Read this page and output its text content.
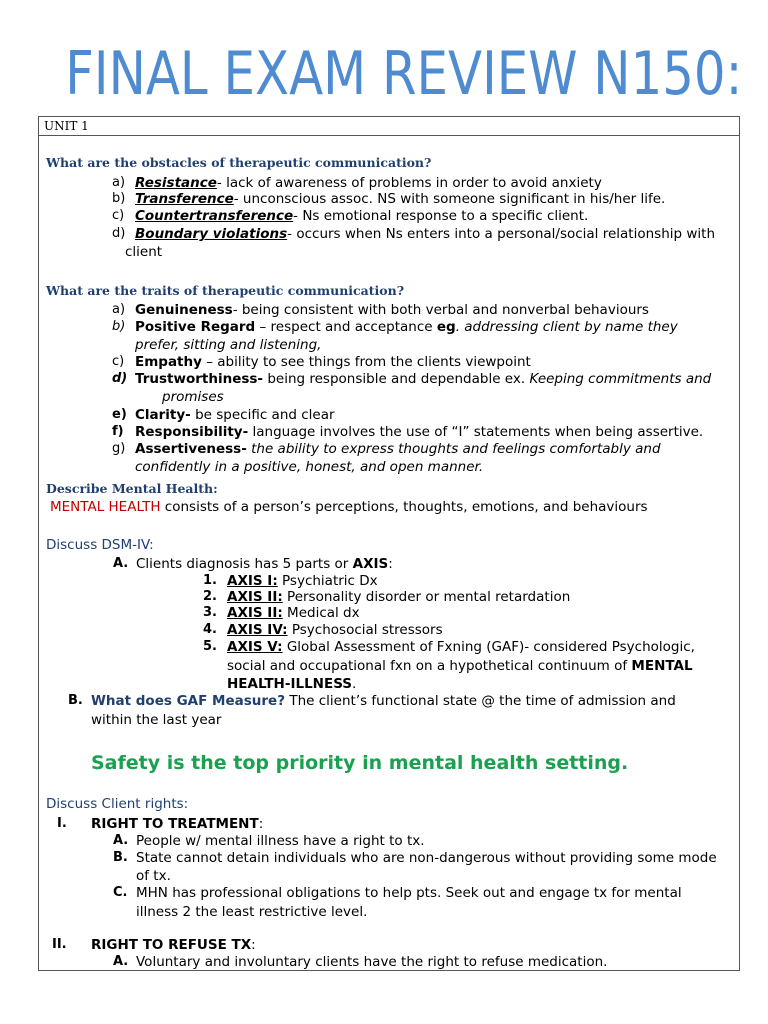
FINAL EXAM REVIEW N150:
UNIT 1
What are the obstacles of therapeutic communication?
a) Resistance- lack of awareness of problems in order to avoid anxiety
b) Transference- unconscious assoc. NS with someone significant in his/her life.
c) Countertransference- Ns emotional response to a specific client.
d) Boundary violations- occurs when Ns enters into a personal/social relationship with
client
What are the traits of therapeutic communication?
a) Genuineness- being consistent with both verbal and nonverbal behaviours
b) Positive Regard – respect and acceptance eg. addressing client by name they
prefer, sitting and listening,
c) Empathy – ability to see things from the clients viewpoint
d) Trustworthiness- being responsible and dependable ex. Keeping commitments and
promises
e) Clarity- be specific and clear
f) Responsibility- language involves the use of “I” statements when being assertive.
g) Assertiveness- the ability to express thoughts and feelings comfortably and
confidently in a positive, honest, and open manner.
Describe Mental Health:
MENTAL HEALTH consists of a person’s perceptions, thoughts, emotions, and behaviours
Discuss DSM-IV:
A. Clients diagnosis has 5 parts or AXIS:
1. AXIS I: Psychiatric Dx
2. AXIS II: Personality disorder or mental retardation
3. AXIS II: Medical dx
4. AXIS IV: Psychosocial stressors
5. AXIS V: Global Assessment of Fxning (GAF)- considered Psychologic,
social and occupational fxn on a hypothetical continuum of MENTAL
HEALTH-ILLNESS.
B. What does GAF Measure? The client’s functional state @ the time of admission and
within the last year
Safety is the top priority in mental health setting.
Discuss Client rights:
I. RIGHT TO TREATMENT:
A. People w/ mental illness have a right to tx.
B. State cannot detain individuals who are non-dangerous without providing some mode
of tx.
C. MHN has professional obligations to help pts. Seek out and engage tx for mental
illness 2 the least restrictive level.
II. RIGHT TO REFUSE TX:
A. Voluntary and involuntary clients have the right to refuse medication.
